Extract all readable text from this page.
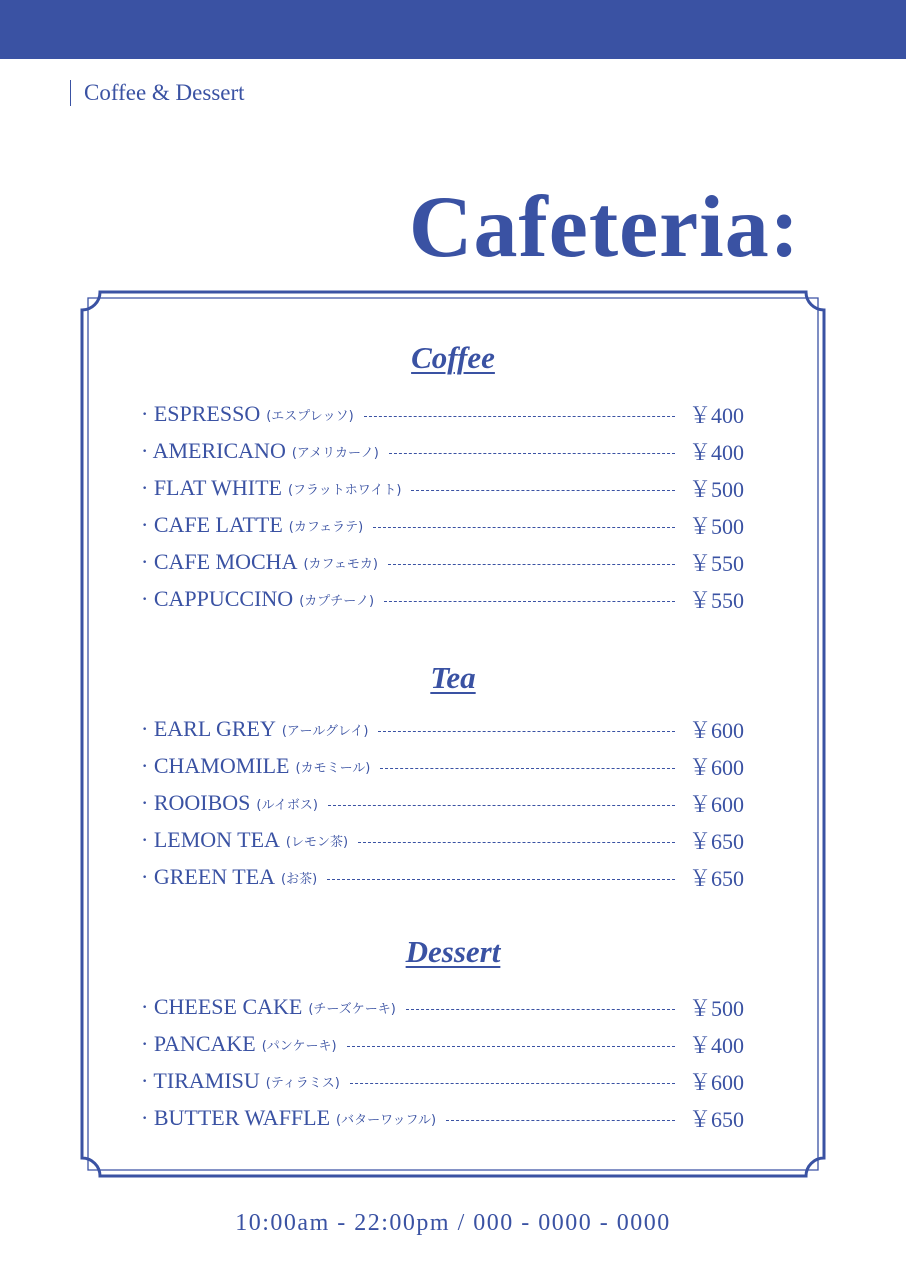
Coffee & Dessert
Cafeteria:
Coffee
· ESPRESSO (エスプレッソ)	￥400
· AMERICANO (アメリカーノ)	￥400
· FLAT WHITE (フラットホワイト)	￥500
· CAFE LATTE (カフェラテ)	￥500
· CAFE MOCHA (カフェモカ)	￥550
· CAPPUCCINO (カプチーノ)	￥550
Tea
· EARL GREY (アールグレイ)	￥600
· CHAMOMILE (カモミール)	￥600
· ROOIBOS (ルイボス)	￥600
· LEMON TEA (レモン茶)	￥650
· GREEN TEA (お茶)	￥650
Dessert
· CHEESE CAKE (チーズケーキ)	￥500
· PANCAKE (パンケーキ)	￥400
· TIRAMISU (ティラミス)	￥600
· BUTTER WAFFLE (バターワッフル)	￥650
10:00am - 22:00pm / 000 - 0000 - 0000
